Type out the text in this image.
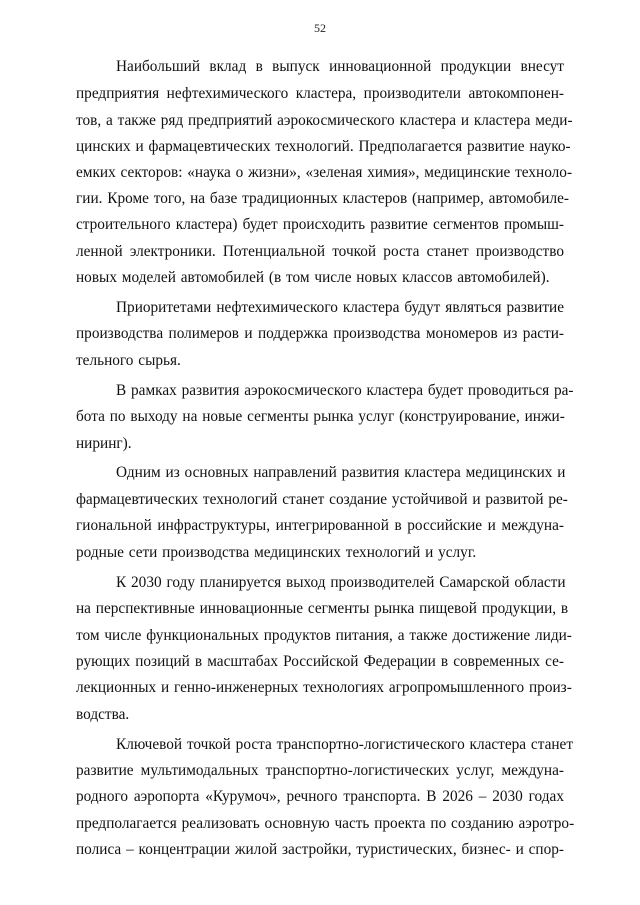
52
Наибольший вклад в выпуск инновационной продукции внесут
предприятия нефтехимического кластера, производители автокомпонен-
тов, а также ряд предприятий аэрокосмического кластера и кластера меди-
цинских и фармацевтических технологий. Предполагается развитие науко-
емких секторов: «наука о жизни», «зеленая химия», медицинские техноло-
гии. Кроме того, на базе традиционных кластеров (например, автомобиле-
строительного кластера) будет происходить развитие сегментов промыш-
ленной электроники. Потенциальной точкой роста станет производство
новых моделей автомобилей (в том числе новых классов автомобилей).
Приоритетами нефтехимического кластера будут являться развитие
производства полимеров и поддержка производства мономеров из расти-
тельного сырья.
В рамках развития аэрокосмического кластера будет проводиться ра-
бота по выходу на новые сегменты рынка услуг (конструирование, инжи-
ниринг).
Одним из основных направлений развития кластера медицинских и
фармацевтических технологий станет создание устойчивой и развитой ре-
гиональной инфраструктуры, интегрированной в российские и междуна-
родные сети производства медицинских технологий и услуг.
К 2030 году планируется выход производителей Самарской области
на перспективные инновационные сегменты рынка пищевой продукции, в
том числе функциональных продуктов питания, а также достижение лиди-
рующих позиций в масштабах Российской Федерации в современных се-
лекционных и генно-инженерных технологиях агропромышленного произ-
водства.
Ключевой точкой роста транспортно-логистического кластера станет
развитие мультимодальных транспортно-логистических услуг, междуна-
родного аэропорта «Курумоч», речного транспорта. В 2026 – 2030 годах
предполагается реализовать основную часть проекта по созданию аэротро-
полиса – концентрации жилой застройки, туристических, бизнес- и спор-
